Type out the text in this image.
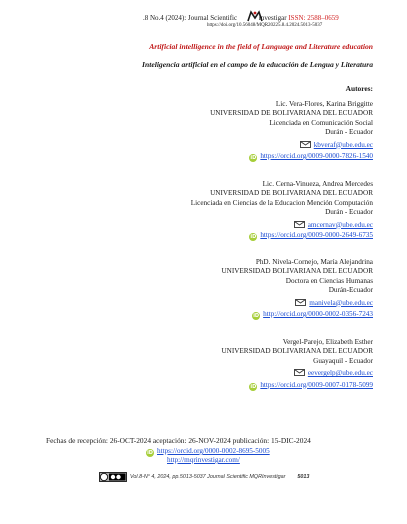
.8 No.4 (2024): Journal Scientific	Investigar ISSN: 2588–0659
https://doi.org/10.56048/MQR20225.8.4.2024.5013-5037
Artificial intelligence in the field of Language and Literature education
Inteligencia artificial en el campo de la educación de Lengua y Literatura
Autores:
Lic. Vera-Flores, Karina Briggitte
UNIVERSIDAD DE BOLIVARIANA DEL ECUADOR
Licenciada en Comunicación Social
Durán - Ecuador
kbveraf@ube.edu.ec
iD https://orcid.org/0009-0000-7826-1540
Lic. Cerna-Vinueza, Andrea Mercedes
UNIVERSIDAD DE BOLIVARIANA DEL ECUADOR
Licenciada en Ciencias de la Educacion Mención Computación
Durán - Ecuador
amcernav@ube.edu.ec
iD https://orcid.org/0009-0000-2649-6735
PhD. Nivela-Cornejo, María Alejandrina
UNIVERSIDAD BOLIVARIANA DEL ECUADOR
Doctora en Ciencias Humanas
Durán-Ecuador
manivela@ube.edu.ec
iD http://orcid.org/0000-0002-0356-7243
Vergel-Parejo, Elizabeth Esther
UNIVERSIDAD BOLIVARIANA DEL ECUADOR
Guayaquil - Ecuador
eevergelp@ube.edu.ec
iD https://orcid.org/0009-0007-0178-5099
Fechas de recepción: 26-OCT-2024 aceptación: 26-NOV-2024 publicación: 15-DIC-2024
iD https://orcid.org/0000-0002-8695-5005
http://mqrinvestigar.com/
Vol.8-N° 4, 2024, pp.5013-5037 Journal Scientific MQRInvestigar 5013
